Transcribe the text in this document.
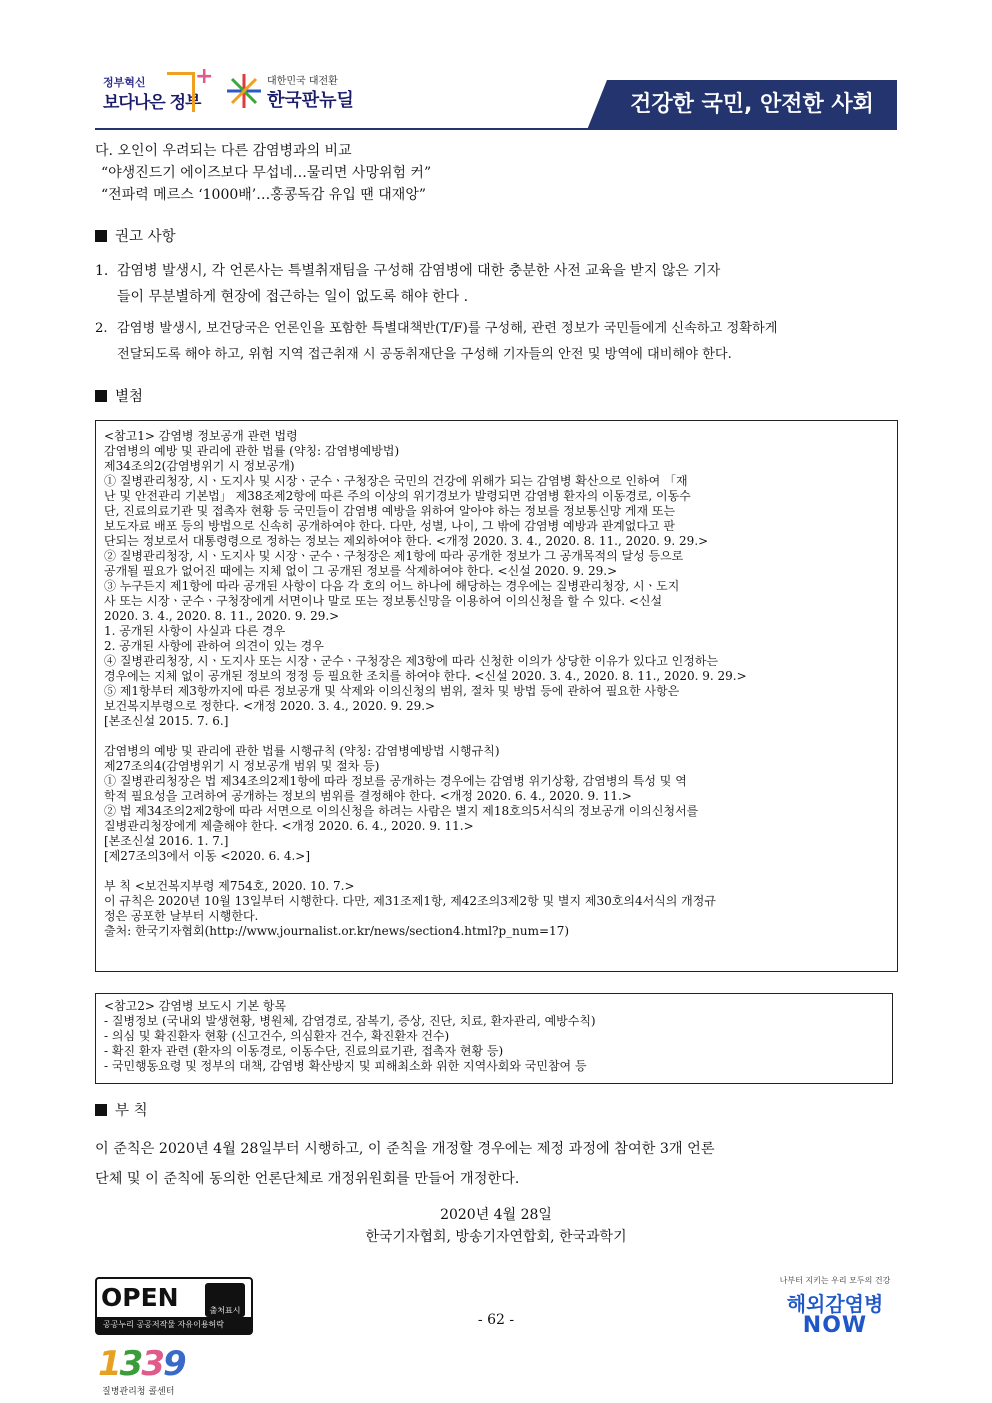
정부혁신
보다나은 정부
+	대한민국 대전환
한국판뉴딜	건강한 국민, 안전한 사회
다. 오인이 우려되는 다른 감염병과의 비교
“야생진드기 에이즈보다 무섭네…물리면 사망위험 커”
“전파력 메르스 ‘1000배’…홍콩독감 유입 땐 대재앙”
권고 사항
1. 감염병 발생시, 각 언론사는 특별취재팀을 구성해 감염병에 대한 충분한 사전 교육을 받지 않은 기자
들이 무분별하게 현장에 접근하는 일이 없도록 해야 한다 .
2. 감염병 발생시, 보건당국은 언론인을 포함한 특별대책반(T/F)를 구성해, 관련 정보가 국민들에게 신속하고 정확하게
전달되도록 해야 하고, 위험 지역 접근취재 시 공동취재단을 구성해 기자들의 안전 및 방역에 대비해야 한다.
별첨
<참고1> 감염병 정보공개 관련 법령
감염병의 예방 및 관리에 관한 법률 (약칭: 감염병예방법)
제34조의2(감염병위기 시 정보공개)
① 질병관리청장, 시ㆍ도지사 및 시장ㆍ군수ㆍ구청장은 국민의 건강에 위해가 되는 감염병 확산으로 인하여 「재
난 및 안전관리 기본법」 제38조제2항에 따른 주의 이상의 위기경보가 발령되면 감염병 환자의 이동경로, 이동수
단, 진료의료기관 및 접촉자 현황 등 국민들이 감염병 예방을 위하여 알아야 하는 정보를 정보통신망 게재 또는
보도자료 배포 등의 방법으로 신속히 공개하여야 한다. 다만, 성별, 나이, 그 밖에 감염병 예방과 관계없다고 판
단되는 정보로서 대통령령으로 정하는 정보는 제외하여야 한다. <개정 2020. 3. 4., 2020. 8. 11., 2020. 9. 29.>
② 질병관리청장, 시ㆍ도지사 및 시장ㆍ군수ㆍ구청장은 제1항에 따라 공개한 정보가 그 공개목적의 달성 등으로
공개될 필요가 없어진 때에는 지체 없이 그 공개된 정보를 삭제하여야 한다. <신설 2020. 9. 29.>
③ 누구든지 제1항에 따라 공개된 사항이 다음 각 호의 어느 하나에 해당하는 경우에는 질병관리청장, 시ㆍ도지
사 또는 시장ㆍ군수ㆍ구청장에게 서면이나 말로 또는 정보통신망을 이용하여 이의신청을 할 수 있다. <신설
2020. 3. 4., 2020. 8. 11., 2020. 9. 29.>
1. 공개된 사항이 사실과 다른 경우
2. 공개된 사항에 관하여 의견이 있는 경우
④ 질병관리청장, 시ㆍ도지사 또는 시장ㆍ군수ㆍ구청장은 제3항에 따라 신청한 이의가 상당한 이유가 있다고 인정하는
경우에는 지체 없이 공개된 정보의 정정 등 필요한 조치를 하여야 한다. <신설 2020. 3. 4., 2020. 8. 11., 2020. 9. 29.>
⑤ 제1항부터 제3항까지에 따른 정보공개 및 삭제와 이의신청의 범위, 절차 및 방법 등에 관하여 필요한 사항은
보건복지부령으로 정한다. <개정 2020. 3. 4., 2020. 9. 29.>
[본조신설 2015. 7. 6.]
감염병의 예방 및 관리에 관한 법률 시행규칙 (약칭: 감염병예방법 시행규칙)
제27조의4(감염병위기 시 정보공개 범위 및 절차 등)
① 질병관리청장은 법 제34조의2제1항에 따라 정보를 공개하는 경우에는 감염병 위기상황, 감염병의 특성 및 역
학적 필요성을 고려하여 공개하는 정보의 범위를 결정해야 한다. <개정 2020. 6. 4., 2020. 9. 11.>
② 법 제34조의2제2항에 따라 서면으로 이의신청을 하려는 사람은 별지 제18호의5서식의 정보공개 이의신청서를
질병관리청장에게 제출해야 한다. <개정 2020. 6. 4., 2020. 9. 11.>
[본조신설 2016. 1. 7.]
[제27조의3에서 이동 <2020. 6. 4.>]
부 칙 <보건복지부령 제754호, 2020. 10. 7.>
이 규칙은 2020년 10월 13일부터 시행한다. 다만, 제31조제1항, 제42조의3제2항 및 별지 제30호의4서식의 개정규
정은 공포한 날부터 시행한다.
출처: 한국기자협회(http://www.journalist.or.kr/news/section4.html?p_num=17)
<참고2> 감염병 보도시 기본 항목
- 질병정보 (국내외 발생현황, 병원체, 감염경로, 잠복기, 증상, 진단, 치료, 환자관리, 예방수칙)
- 의심 및 확진환자 현황 (신고건수, 의심환자 건수, 확진환자 건수)
- 확진 환자 관련 (환자의 이동경로, 이동수단, 진료의료기관, 접촉자 현황 등)
- 국민행동요령 및 정부의 대책, 감염병 확산방지 및 피해최소화 위한 지역사회와 국민참여 등
부 칙
이 준칙은 2020년 4월 28일부터 시행하고, 이 준칙을 개정할 경우에는 제정 과정에 참여한 3개 언론
단체 및 이 준칙에 동의한 언론단체로 개정위원회를 만들어 개정한다.
2020년 4월 28일
한국기자협회, 방송기자연합회, 한국과학기
OPEN	출처표시
공공누리 공공저작물 자유이용허락	- 62 -
나부터 지키는 우리 모두의 건강
해외감염병
NOW
1339
질병관리청 콜센터
